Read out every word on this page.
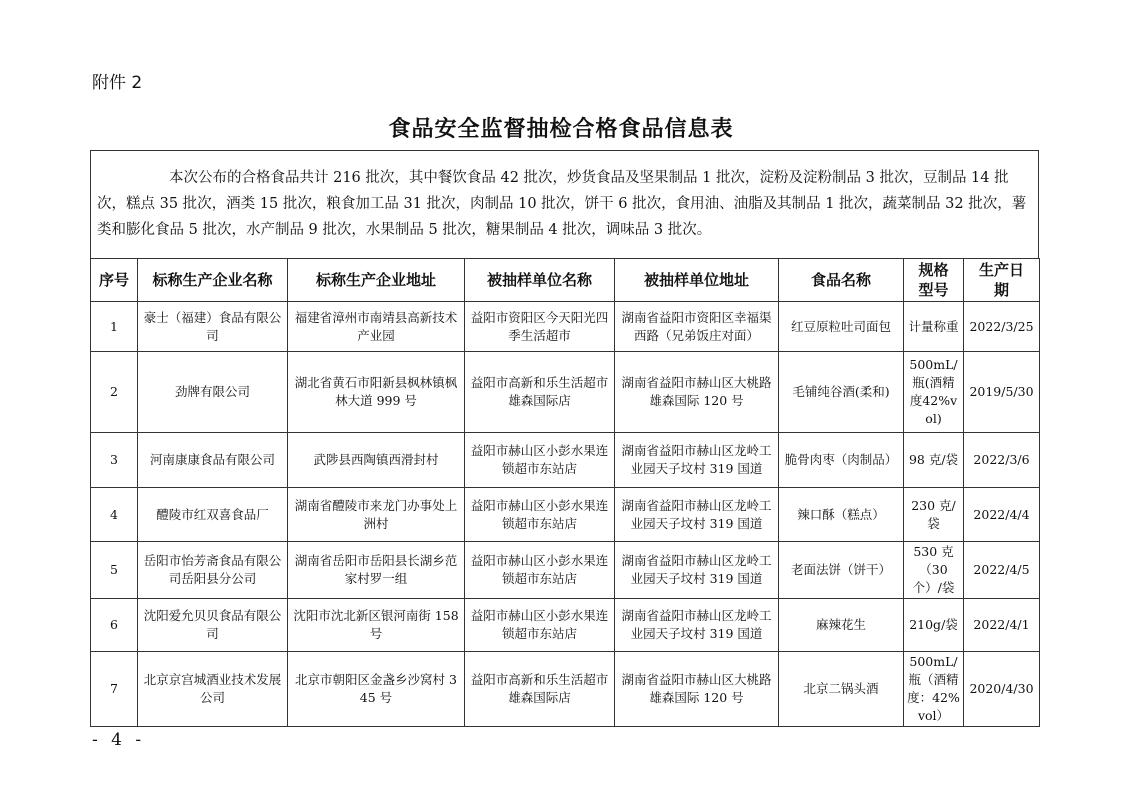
附件 2
食品安全监督抽检合格食品信息表
本次公布的合格食品共计 216 批次，其中餐饮食品 42 批次，炒货食品及坚果制品 1 批次，淀粉及淀粉制品 3 批次，豆制品 14 批次，糕点 35 批次，酒类 15 批次，粮食加工品 31 批次，肉制品 10 批次，饼干 6 批次，食用油、油脂及其制品 1 批次，蔬菜制品 32 批次，薯类和膨化食品 5 批次，水产制品 9 批次，水果制品 5 批次，糖果制品 4 批次，调味品 3 批次。
序号	标称生产企业名称	标称生产企业地址	被抽样单位名称	被抽样单位地址	食品名称	规格型号	生产日期
1	豪士（福建）食品有限公司	福建省漳州市南靖县高新技术产业园	益阳市资阳区今天阳光四季生活超市	湖南省益阳市资阳区幸福渠西路（兄弟饭庄对面）	红豆原粒吐司面包	计量称重	2022/3/25
2	劲牌有限公司	湖北省黄石市阳新县枫林镇枫林大道 999 号	益阳市高新和乐生活超市雄森国际店	湖南省益阳市赫山区大桃路雄森国际 120 号	毛铺纯谷酒(柔和)	500mL/瓶(酒精度42%vol)	2019/5/30
3	河南康康食品有限公司	武陟县西陶镇西滑封村	益阳市赫山区小彭水果连锁超市东站店	湖南省益阳市赫山区龙岭工业园天子坟村 319 国道	脆骨肉枣（肉制品）	98 克/袋	2022/3/6
4	醴陵市红双喜食品厂	湖南省醴陵市来龙门办事处上洲村	益阳市赫山区小彭水果连锁超市东站店	湖南省益阳市赫山区龙岭工业园天子坟村 319 国道	辣口酥（糕点）	230 克/袋	2022/4/4
5	岳阳市怡芳斋食品有限公司岳阳县分公司	湖南省岳阳市岳阳县长湖乡范家村罗一组	益阳市赫山区小彭水果连锁超市东站店	湖南省益阳市赫山区龙岭工业园天子坟村 319 国道	老面法饼（饼干）	530 克（30 个）/袋	2022/4/5
6	沈阳爱允贝贝食品有限公司	沈阳市沈北新区银河南街 158 号	益阳市赫山区小彭水果连锁超市东站店	湖南省益阳市赫山区龙岭工业园天子坟村 319 国道	麻辣花生	210g/袋	2022/4/1
7	北京京宫城酒业技术发展公司	北京市朝阳区金盏乡沙窝村 345 号	益阳市高新和乐生活超市雄森国际店	湖南省益阳市赫山区大桃路雄森国际 120 号	北京二锅头酒	500mL/瓶（酒精度：42%vol）	2020/4/30
- 4 -
